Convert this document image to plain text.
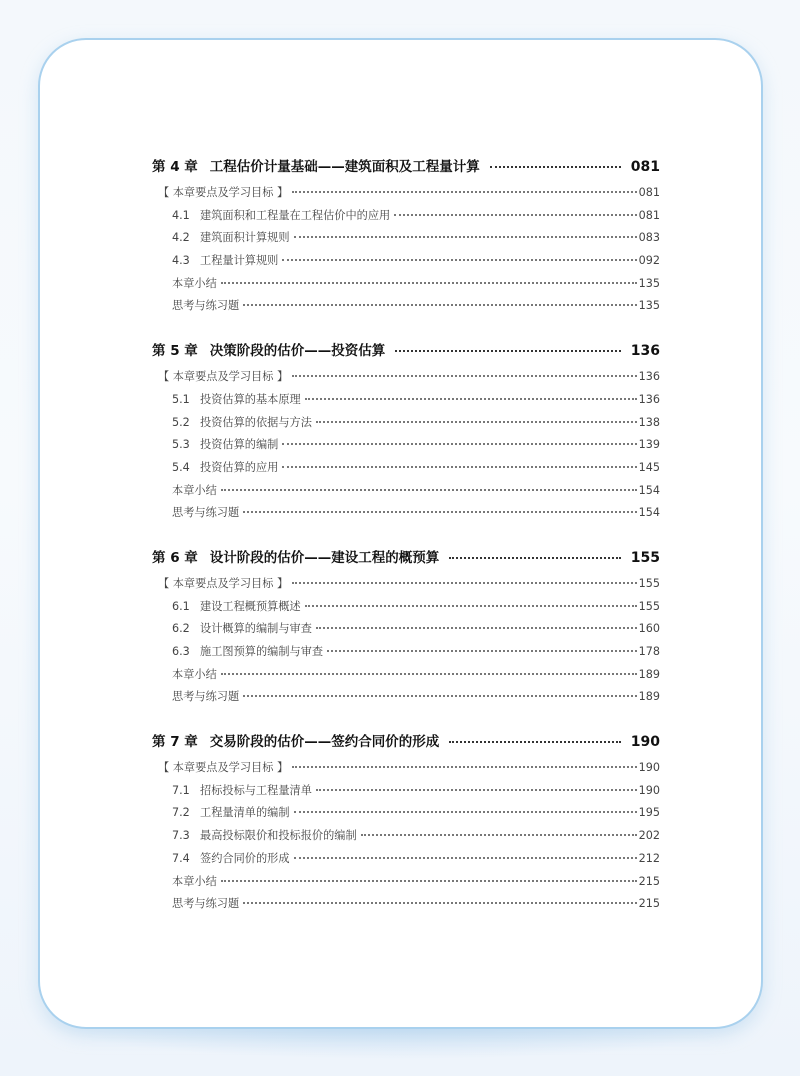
第 4 章 工程估价计量基础——建筑面积及工程量计算	081
【 本章要点及学习目标 】	081
4.1 建筑面积和工程量在工程估价中的应用	081
4.2 建筑面积计算规则	083
4.3 工程量计算规则	092
本章小结	135
思考与练习题	135
第 5 章 决策阶段的估价——投资估算	136
【 本章要点及学习目标 】	136
5.1 投资估算的基本原理	136
5.2 投资估算的依据与方法	138
5.3 投资估算的编制	139
5.4 投资估算的应用	145
本章小结	154
思考与练习题	154
第 6 章 设计阶段的估价——建设工程的概预算	155
【 本章要点及学习目标 】	155
6.1 建设工程概预算概述	155
6.2 设计概算的编制与审查	160
6.3 施工图预算的编制与审查	178
本章小结	189
思考与练习题	189
第 7 章 交易阶段的估价——签约合同价的形成	190
【 本章要点及学习目标 】	190
7.1 招标投标与工程量清单	190
7.2 工程量清单的编制	195
7.3 最高投标限价和投标报价的编制	202
7.4 签约合同价的形成	212
本章小结	215
思考与练习题	215
